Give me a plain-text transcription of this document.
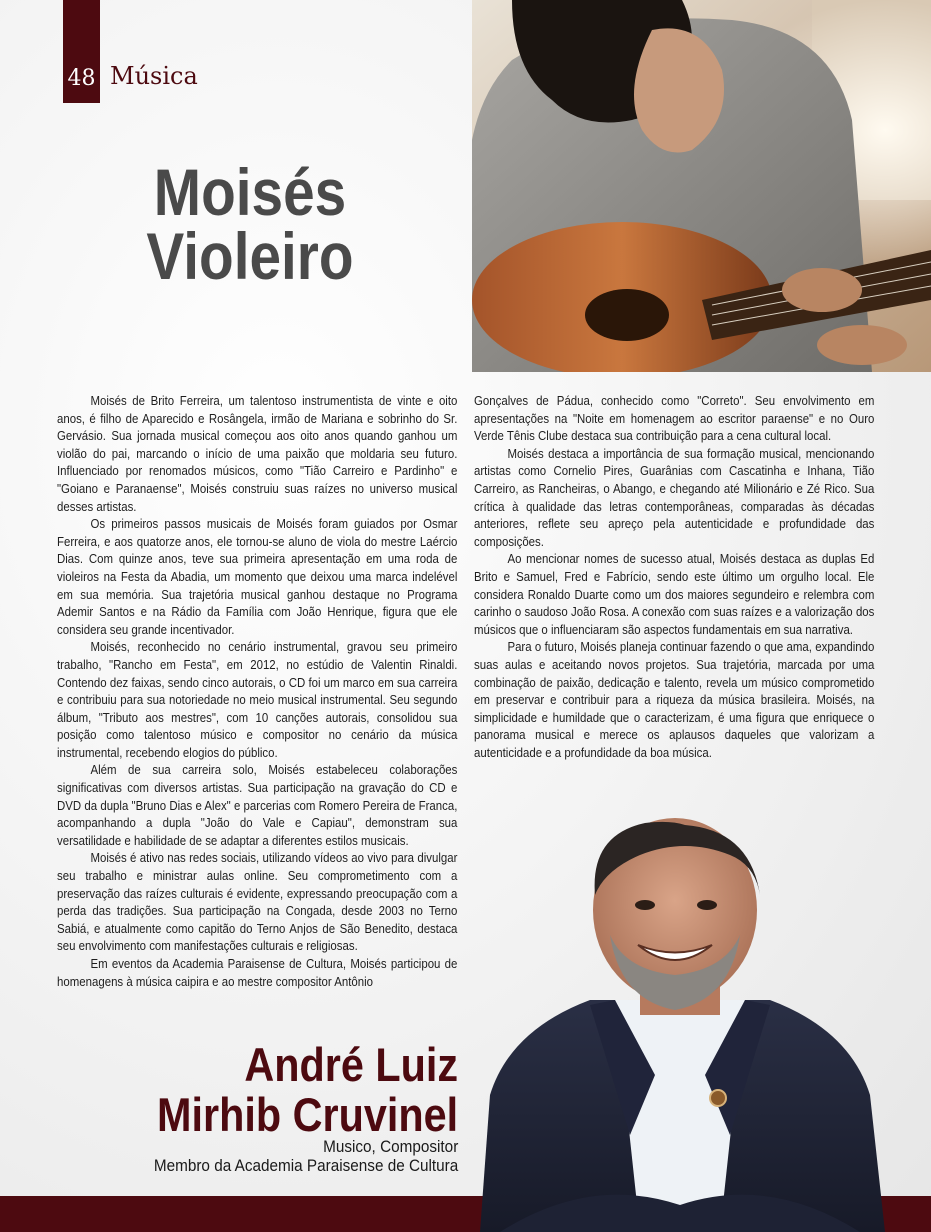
48 Música
Moisés
Violeiro

Moisés de Brito Ferreira, um talentoso instrumentista de vinte e oito anos, é filho de Aparecido e Rosângela, irmão de Mariana e sobrinho do Sr. Gervásio. Sua jornada musical começou aos oito anos quando ganhou um violão do pai, marcando o início de uma paixão que moldaria seu futuro. Influenciado por renomados músicos, como "Tião Carreiro e Pardinho" e "Goiano e Paranaense", Moisés construiu suas raízes no universo musical desses artistas.

Os primeiros passos musicais de Moisés foram guiados por Osmar Ferreira, e aos quatorze anos, ele tornou-se aluno de viola do mestre Laércio Dias. Com quinze anos, teve sua primeira apresentação em uma roda de violeiros na Festa da Abadia, um momento que deixou uma marca indelével em sua memória. Sua trajetória musical ganhou destaque no Programa Ademir Santos e na Rádio da Família com João Henrique, figura que ele considera seu grande incentivador.

Moisés, reconhecido no cenário instrumental, gravou seu primeiro trabalho, "Rancho em Festa", em 2012, no estúdio de Valentin Rinaldi. Contendo dez faixas, sendo cinco autorais, o CD foi um marco em sua carreira e contribuiu para sua notoriedade no meio musical instrumental. Seu segundo álbum, "Tributo aos mestres", com 10 canções autorais, consolidou sua posição como talentoso músico e compositor no cenário da música instrumental, recebendo elogios do público.

Além de sua carreira solo, Moisés estabeleceu colaborações significativas com diversos artistas. Sua participação na gravação do CD e DVD da dupla "Bruno Dias e Alex" e parcerias com Romero Pereira de Franca, acompanhando a dupla "João do Vale e Capiau", demonstram sua versatilidade e habilidade de se adaptar a diferentes estilos musicais.

Moisés é ativo nas redes sociais, utilizando vídeos ao vivo para divulgar seu trabalho e ministrar aulas online. Seu comprometimento com a preservação das raízes culturais é evidente, expressando preocupação com a perda das tradições. Sua participação na Congada, desde 2003 no Terno Sabiá, e atualmente como capitão do Terno Anjos de São Benedito, destaca seu envolvimento com manifestações culturais e religiosas.

Em eventos da Academia Paraisense de Cultura, Moisés participou de homenagens à música caipira e ao mestre compositor Antônio

Gonçalves de Pádua, conhecido como "Correto". Seu envolvimento em apresentações na "Noite em homenagem ao escritor paraense" e no Ouro Verde Tênis Clube destaca sua contribuição para a cena cultural local.

Moisés destaca a importância de sua formação musical, mencionando artistas como Cornelio Pires, Guarânias com Cascatinha e Inhana, Tião Carreiro, as Rancheiras, o Abango, e chegando até Milionário e Zé Rico. Sua crítica à qualidade das letras contemporâneas, comparadas às décadas anteriores, reflete seu apreço pela autenticidade e profundidade das composições.

Ao mencionar nomes de sucesso atual, Moisés destaca as duplas Ed Brito e Samuel, Fred e Fabrício, sendo este último um orgulho local. Ele considera Ronaldo Duarte como um dos maiores segundeiro e relembra com carinho o saudoso João Rosa. A conexão com suas raízes e a valorização dos músicos que o influenciaram são aspectos fundamentais em sua narrativa.

Para o futuro, Moisés planeja continuar fazendo o que ama, expandindo suas aulas e aceitando novos projetos. Sua trajetória, marcada por uma combinação de paixão, dedicação e talento, revela um músico comprometido em preservar e contribuir para a riqueza da música brasileira. Moisés, na simplicidade e humildade que o caracterizam, é uma figura que enriquece o panorama musical e merece os aplausos daqueles que valorizam a autenticidade e a profundidade da boa música.

André Luiz
Mirhib Cruvinel
Musico, Compositor
Membro da Academia Paraisense de Cultura
